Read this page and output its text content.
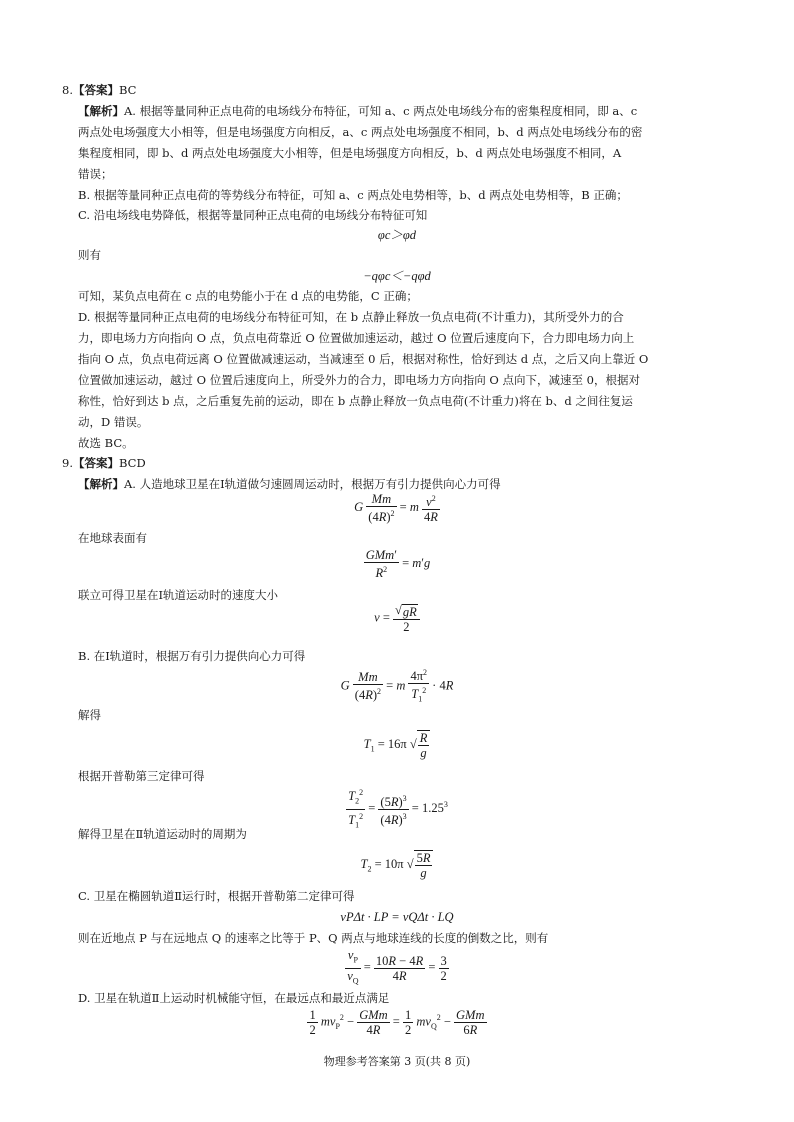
8.【答案】BC
【解析】A. 根据等量同种正点电荷的电场线分布特征，可知 a、c 两点处电场线分布的密集程度相同，即 a、c
两点处电场强度大小相等，但是电场强度方向相反，a、c 两点处电场强度不相同，b、d 两点处电场线分布的密
集程度相同，即 b、d 两点处电场强度大小相等，但是电场强度方向相反，b、d 两点处电场强度不相同，A
错误；
B. 根据等量同种正点电荷的等势线分布特征，可知 a、c 两点处电势相等，b、d 两点处电势相等，B 正确；
C. 沿电场线电势降低，根据等量同种正点电荷的电场线分布特征可知
φc＞φd
则有
−qφc＜−qφd
可知，某负点电荷在 c 点的电势能小于在 d 点的电势能，C 正确；
D. 根据等量同种正点电荷的电场线分布特征可知，在 b 点静止释放一负点电荷(不计重力)，其所受外力的合
力，即电场力方向指向 O 点，负点电荷靠近 O 位置做加速运动，越过 O 位置后速度向下，合力即电场力向上
指向 O 点，负点电荷远离 O 位置做减速运动，当减速至 0 后，根据对称性，恰好到达 d 点，之后又向上靠近 O
位置做加速运动，越过 O 位置后速度向上，所受外力的合力，即电场力方向指向 O 点向下，减速至 0，根据对
称性，恰好到达 b 点，之后重复先前的运动，即在 b 点静止释放一负点电荷(不计重力)将在 b、d 之间往复运
动，D 错误。
故选 BC。
9.【答案】BCD
【解析】A. 人造地球卫星在Ⅰ轨道做匀速圆周运动时，根据万有引力提供向心力可得
G $\frac{Mm}{(4R)^2} = m \frac{v^2}{4R}$
在地球表面有
$\frac{\text{GMm′}}{R^2} = m'g$
联立可得卫星在Ⅰ轨道运动时的速度大小
$v = \frac{√gR}{2}$
B. 在Ⅰ轨道时，根据万有引力提供向心力可得
G $\frac{Mm}{(4R)^2} = m \frac{4\pi^2}{T_1^2} \cdot 4R$
解得
$T_1 = 16\pi$ √ $\frac{R}{g}$
根据开普勒第三定律可得
$\frac{T_2^2}{T_1^2} = \frac{(5R)^3}{(4R)^3} = 1.25^3$
解得卫星在Ⅱ轨道运动时的周期为
$T_2 = 10\pi$ √ $\frac{5R}{g}$
C. 卫星在椭圆轨道Ⅱ运行时，根据开普勒第二定律可得
vPΔt · LP = vQΔt · LQ
则在近地点 P 与在远地点 Q 的速率之比等于 P、Q 两点与地球连线的长度的倒数之比，则有
$\frac{v_P}{v_Q} = \frac{10R - 4R}{4R} = \frac{3}{2}$
D. 卫星在轨道Ⅱ上运动时机械能守恒，在最远点和最近点满足
$\frac{1}{2} mv_P^2 - \frac{\text{GMm}}{4R} = \frac{1}{2} mv_Q^2 - \frac{\text{GMm}}{6R}$
物理参考答案第 3 页(共 8 页)
